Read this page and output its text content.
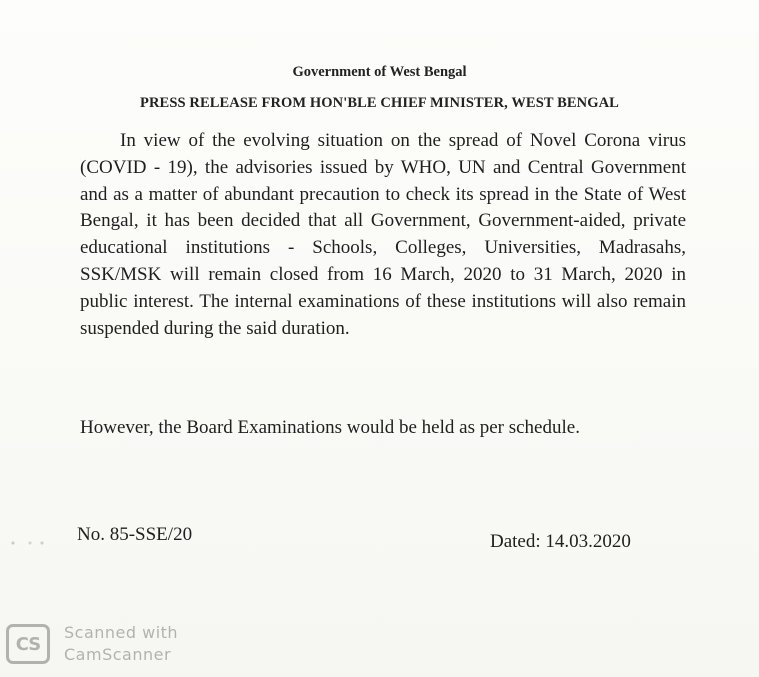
Government of West Bengal
PRESS RELEASE FROM HON'BLE CHIEF MINISTER, WEST BENGAL
In view of the evolving situation on the spread of Novel Corona virus (COVID - 19), the advisories issued by WHO, UN and Central Government and as a matter of abundant precaution to check its spread in the State of West Bengal, it has been decided that all Government, Government-aided, private educational institutions - Schools, Colleges, Universities, Madrasahs, SSK/MSK will remain closed from 16 March, 2020 to 31 March, 2020 in public interest. The internal examinations of these institutions will also remain suspended during the said duration.
However, the Board Examinations would be held as per schedule.
No. 85-SSE/20	Dated: 14.03.2020
CS
Scanned with
CamScanner
